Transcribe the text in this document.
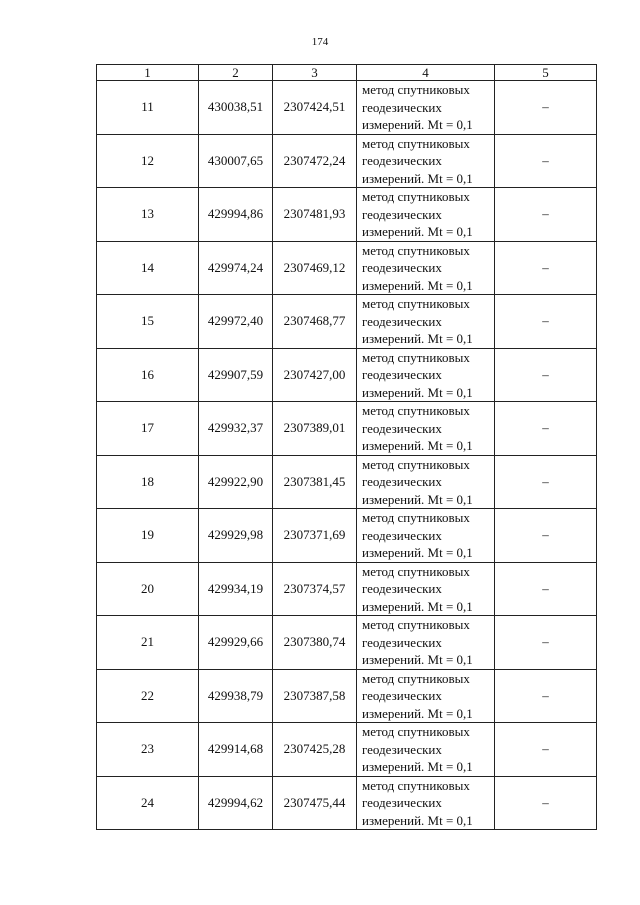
174
1	2	3	4	5
11	430038,51	2307424,51	метод спутниковых
геодезических
измерений. Mt = 0,1	–
12	430007,65	2307472,24	метод спутниковых
геодезических
измерений. Mt = 0,1	–
13	429994,86	2307481,93	метод спутниковых
геодезических
измерений. Mt = 0,1	–
14	429974,24	2307469,12	метод спутниковых
геодезических
измерений. Mt = 0,1	–
15	429972,40	2307468,77	метод спутниковых
геодезических
измерений. Mt = 0,1	–
16	429907,59	2307427,00	метод спутниковых
геодезических
измерений. Mt = 0,1	–
17	429932,37	2307389,01	метод спутниковых
геодезических
измерений. Mt = 0,1	–
18	429922,90	2307381,45	метод спутниковых
геодезических
измерений. Mt = 0,1	–
19	429929,98	2307371,69	метод спутниковых
геодезических
измерений. Mt = 0,1	–
20	429934,19	2307374,57	метод спутниковых
геодезических
измерений. Mt = 0,1	–
21	429929,66	2307380,74	метод спутниковых
геодезических
измерений. Mt = 0,1	–
22	429938,79	2307387,58	метод спутниковых
геодезических
измерений. Mt = 0,1	–
23	429914,68	2307425,28	метод спутниковых
геодезических
измерений. Mt = 0,1	–
24	429994,62	2307475,44	метод спутниковых
геодезических
измерений. Mt = 0,1	–
